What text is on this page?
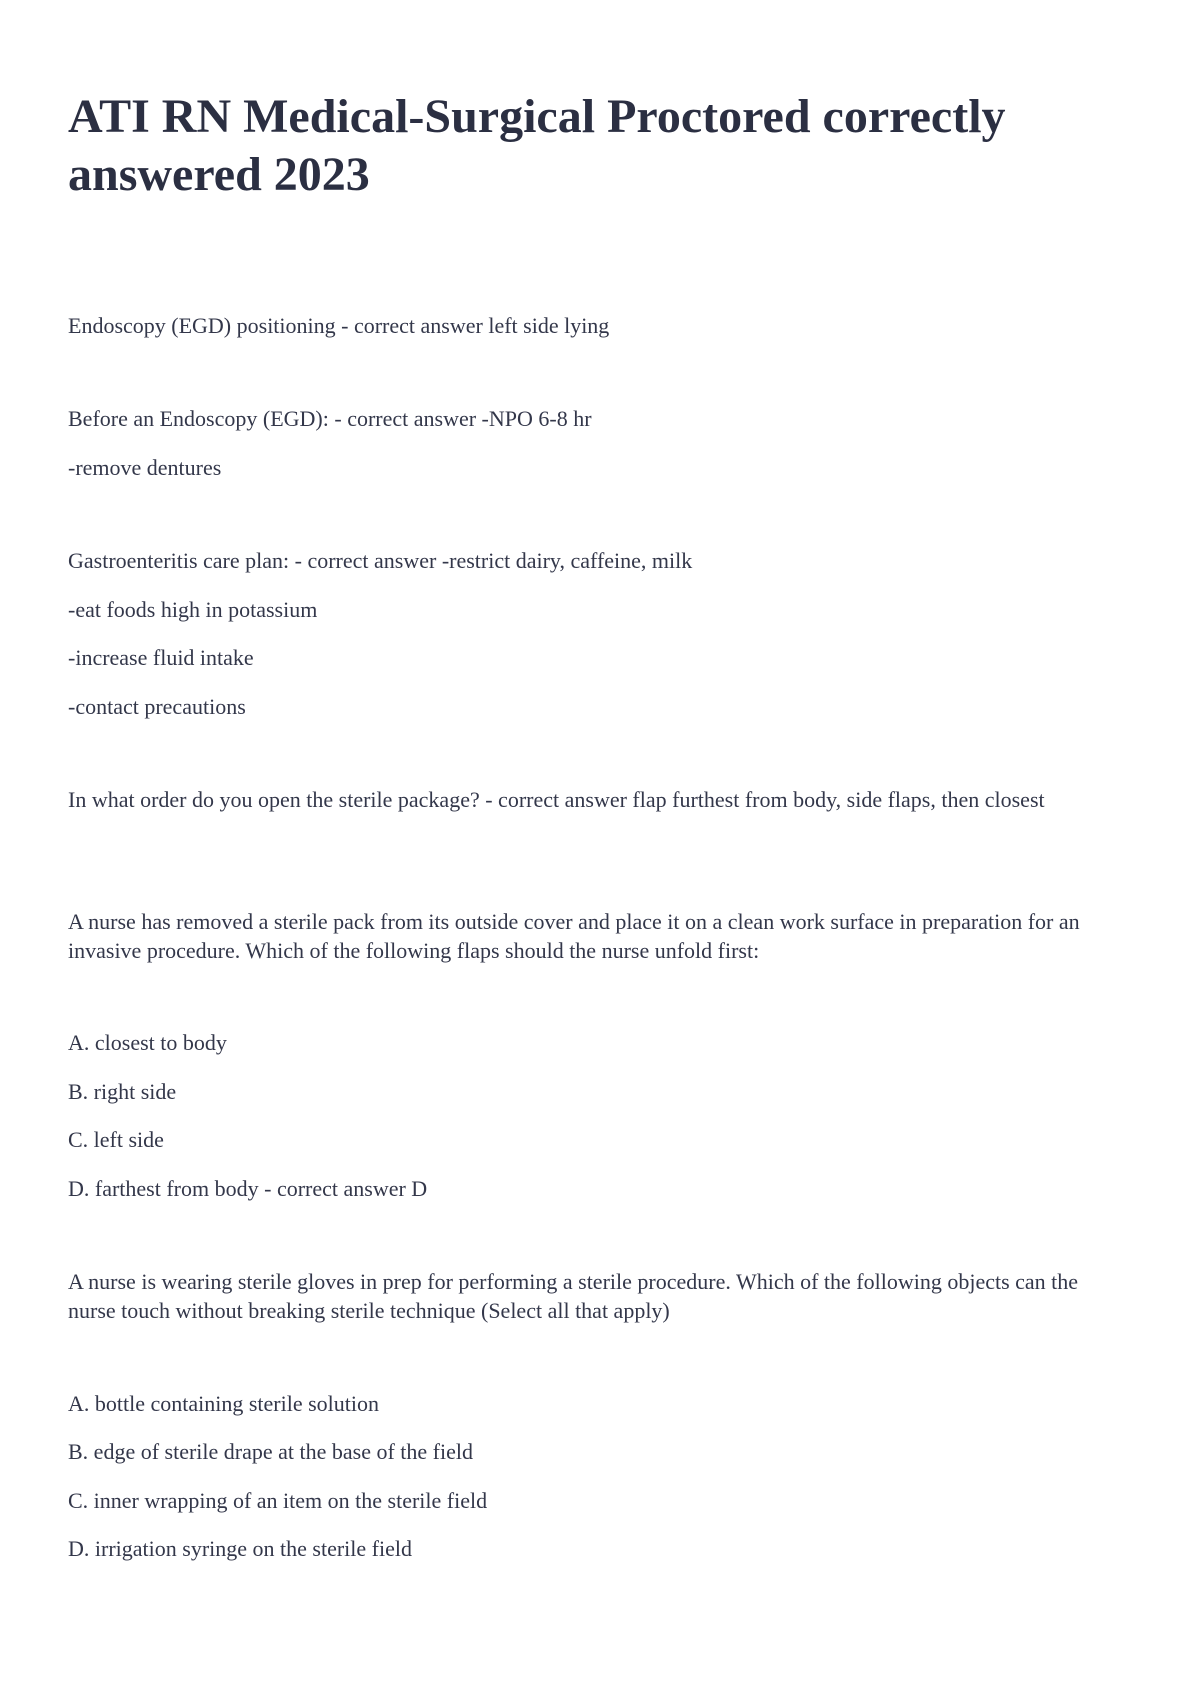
ATI RN Medical-Surgical Proctored correctly answered 2023

Endoscopy (EGD) positioning - correct answer left side lying

Before an Endoscopy (EGD): - correct answer -NPO 6-8 hr

-remove dentures

Gastroenteritis care plan: - correct answer -restrict dairy, caffeine, milk

-eat foods high in potassium

-increase fluid intake

-contact precautions

In what order do you open the sterile package? - correct answer flap furthest from body, side flaps, then closest

A nurse has removed a sterile pack from its outside cover and place it on a clean work surface in preparation for an invasive procedure. Which of the following flaps should the nurse unfold first:

A. closest to body

B. right side

C. left side

D. farthest from body - correct answer D

A nurse is wearing sterile gloves in prep for performing a sterile procedure. Which of the following objects can the nurse touch without breaking sterile technique (Select all that apply)

A. bottle containing sterile solution

B. edge of sterile drape at the base of the field

C. inner wrapping of an item on the sterile field

D. irrigation syringe on the sterile field
